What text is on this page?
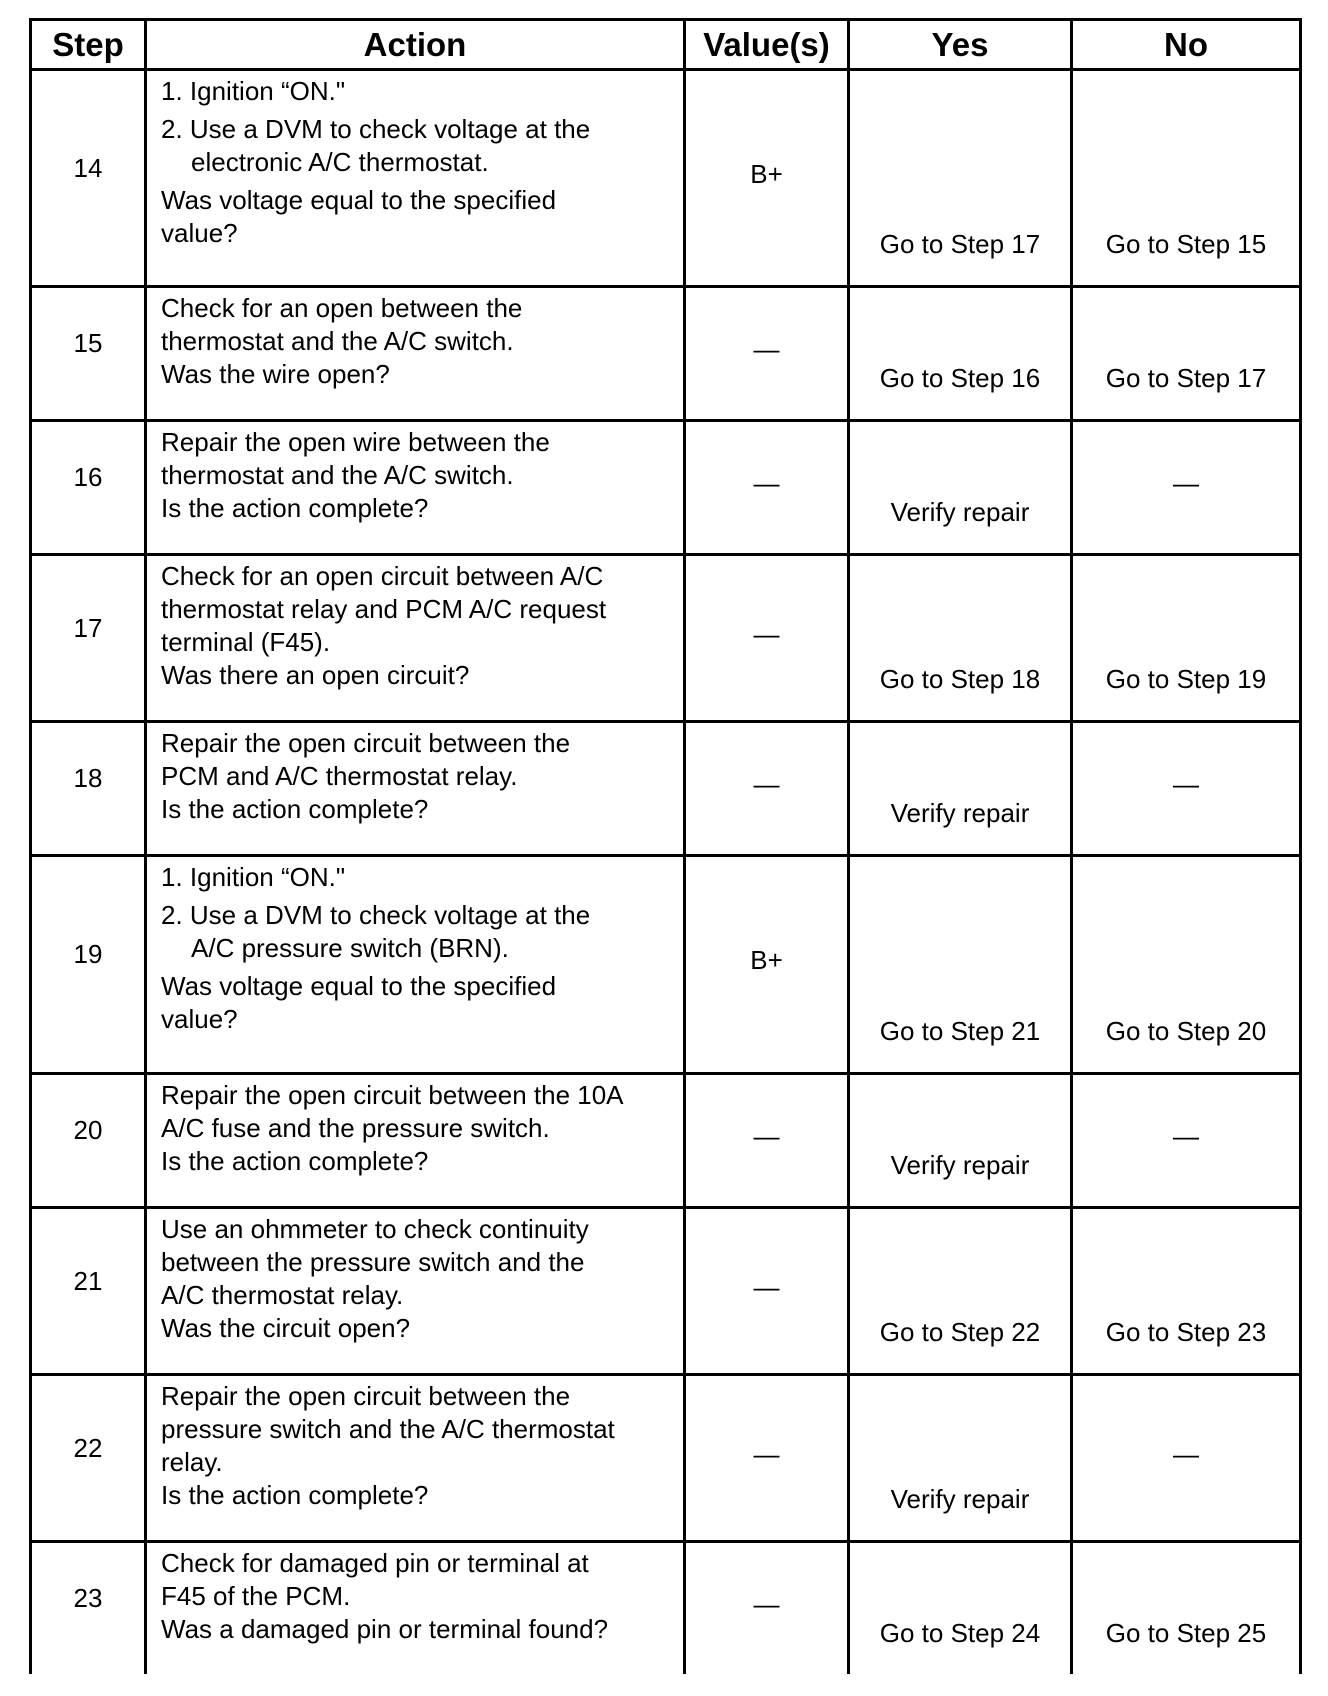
Step	Action	Value(s)	Yes	No
14	1. Ignition “ON."
2. Use a DVM to check voltage at the
electronic A/C thermostat.
Was voltage equal to the specified
value?	B+	Go to Step 17	Go to Step 15

15	Check for an open between the
thermostat and the A/C switch.
Was the wire open?	—	Go to Step 16	Go to Step 17

16	Repair the open wire between the
thermostat and the A/C switch.
Is the action complete?	—	Verify repair	—

17	Check for an open circuit between A/C
thermostat relay and PCM A/C request
terminal (F45).
Was there an open circuit?	—	Go to Step 18	Go to Step 19

18	Repair the open circuit between the
PCM and A/C thermostat relay.
Is the action complete?	—	Verify repair	—

19	1. Ignition “ON."
2. Use a DVM to check voltage at the
A/C pressure switch (BRN).
Was voltage equal to the specified
value?	B+	Go to Step 21	Go to Step 20

20	Repair the open circuit between the 10A
A/C fuse and the pressure switch.
Is the action complete?	—	Verify repair	—

21	Use an ohmmeter to check continuity
between the pressure switch and the
A/C thermostat relay.
Was the circuit open?	—	Go to Step 22	Go to Step 23

22	Repair the open circuit between the
pressure switch and the A/C thermostat
relay.
Is the action complete?	—	Verify repair	—

23	Check for damaged pin or terminal at
F45 of the PCM.
Was a damaged pin or terminal found?	—	Go to Step 24	Go to Step 25
